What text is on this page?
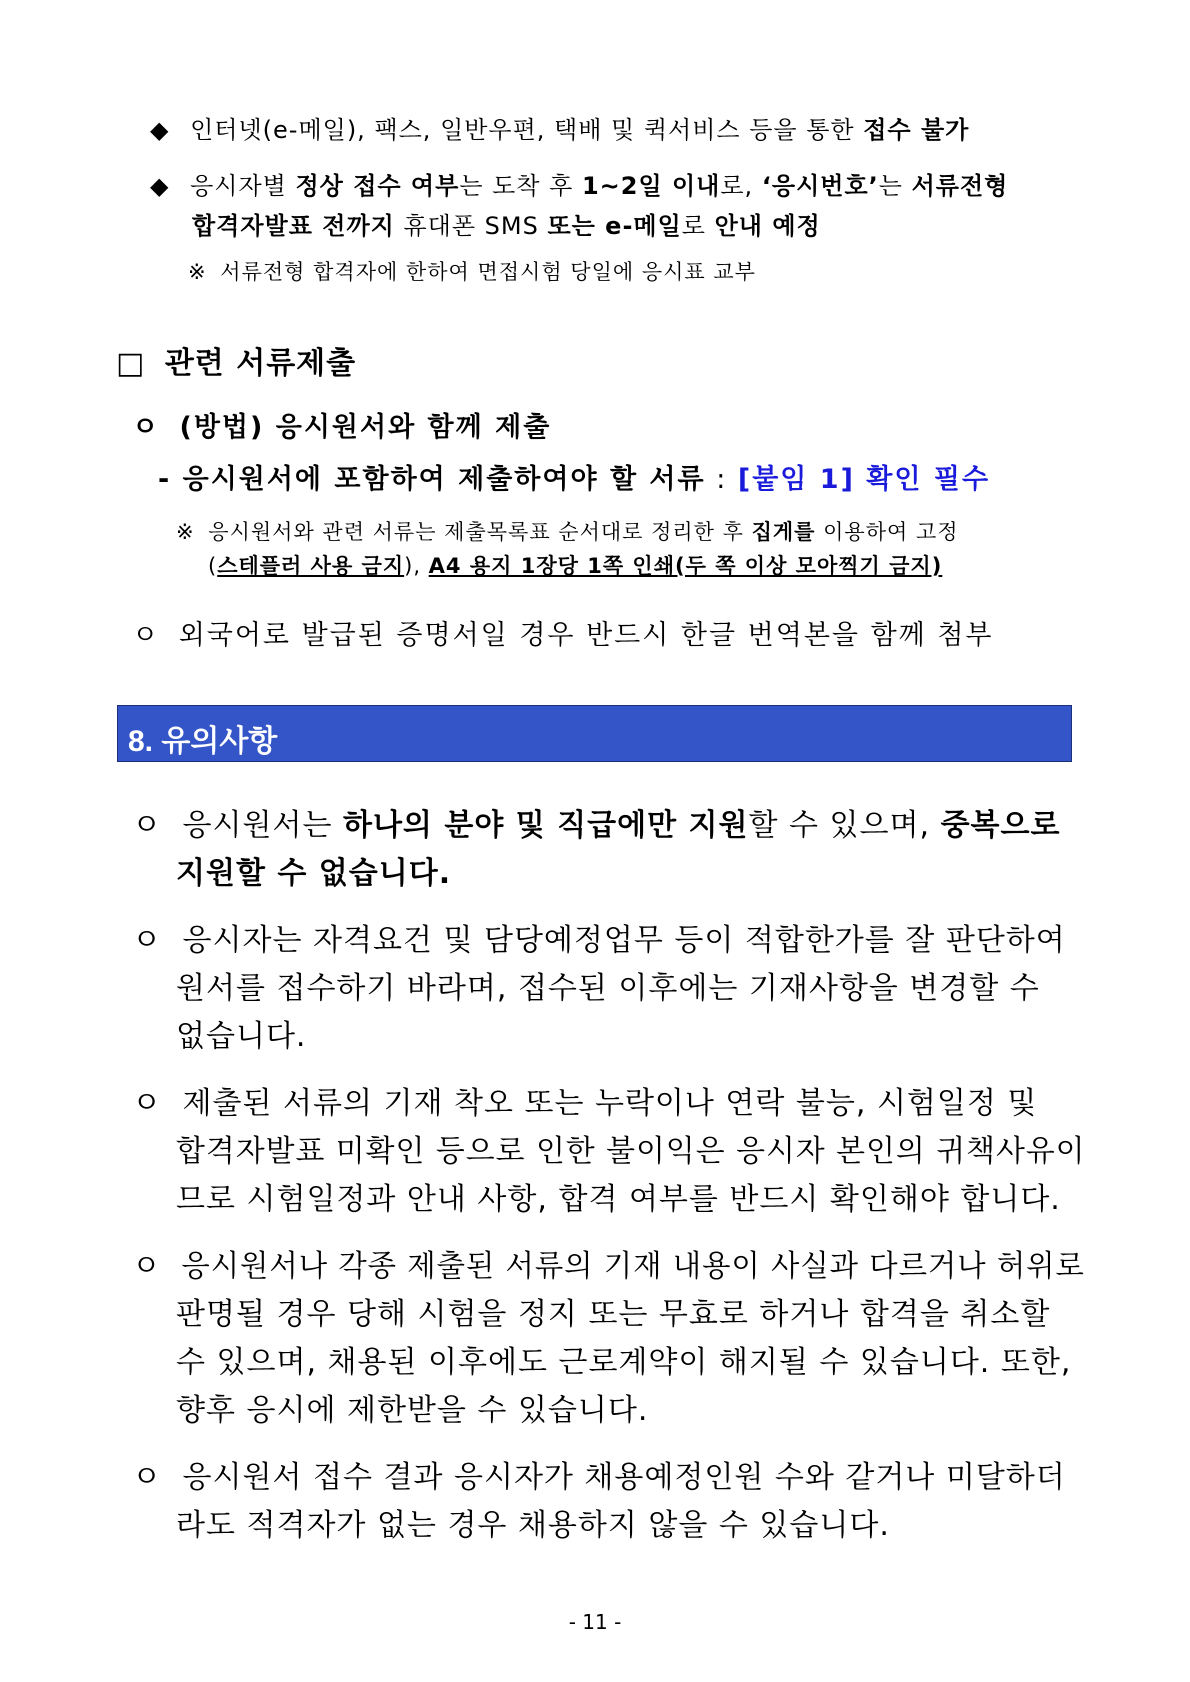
◆ 인터넷(e-메일), 팩스, 일반우편, 택배 및 퀵서비스 등을 통한 접수 불가
◆ 응시자별 정상 접수 여부는 도착 후 1~2일 이내로, ‘응시번호’는 서류전형
합격자발표 전까지 휴대폰 SMS 또는 e-메일로 안내 예정
※ 서류전형 합격자에 한하여 면접시험 당일에 응시표 교부
□ 관련 서류제출
ㅇ (방법) 응시원서와 함께 제출
- 응시원서에 포함하여 제출하여야 할 서류 : [붙임 1] 확인 필수
※ 응시원서와 관련 서류는 제출목록표 순서대로 정리한 후 집게를 이용하여 고정
(스테플러 사용 금지), A4 용지 1장당 1쪽 인쇄(두 쪽 이상 모아찍기 금지)
ㅇ 외국어로 발급된 증명서일 경우 반드시 한글 번역본을 함께 첨부
8. 유의사항
ㅇ 응시원서는 하나의 분야 및 직급에만 지원할 수 있으며, 중복으로
지원할 수 없습니다.
ㅇ 응시자는 자격요건 및 담당예정업무 등이 적합한가를 잘 판단하여
원서를 접수하기 바라며, 접수된 이후에는 기재사항을 변경할 수
없습니다.
ㅇ 제출된 서류의 기재 착오 또는 누락이나 연락 불능, 시험일정 및
합격자발표 미확인 등으로 인한 불이익은 응시자 본인의 귀책사유이
므로 시험일정과 안내 사항, 합격 여부를 반드시 확인해야 합니다.
ㅇ 응시원서나 각종 제출된 서류의 기재 내용이 사실과 다르거나 허위로
판명될 경우 당해 시험을 정지 또는 무효로 하거나 합격을 취소할
수 있으며, 채용된 이후에도 근로계약이 해지될 수 있습니다. 또한,
향후 응시에 제한받을 수 있습니다.
ㅇ 응시원서 접수 결과 응시자가 채용예정인원 수와 같거나 미달하더
라도 적격자가 없는 경우 채용하지 않을 수 있습니다.
- 11 -
